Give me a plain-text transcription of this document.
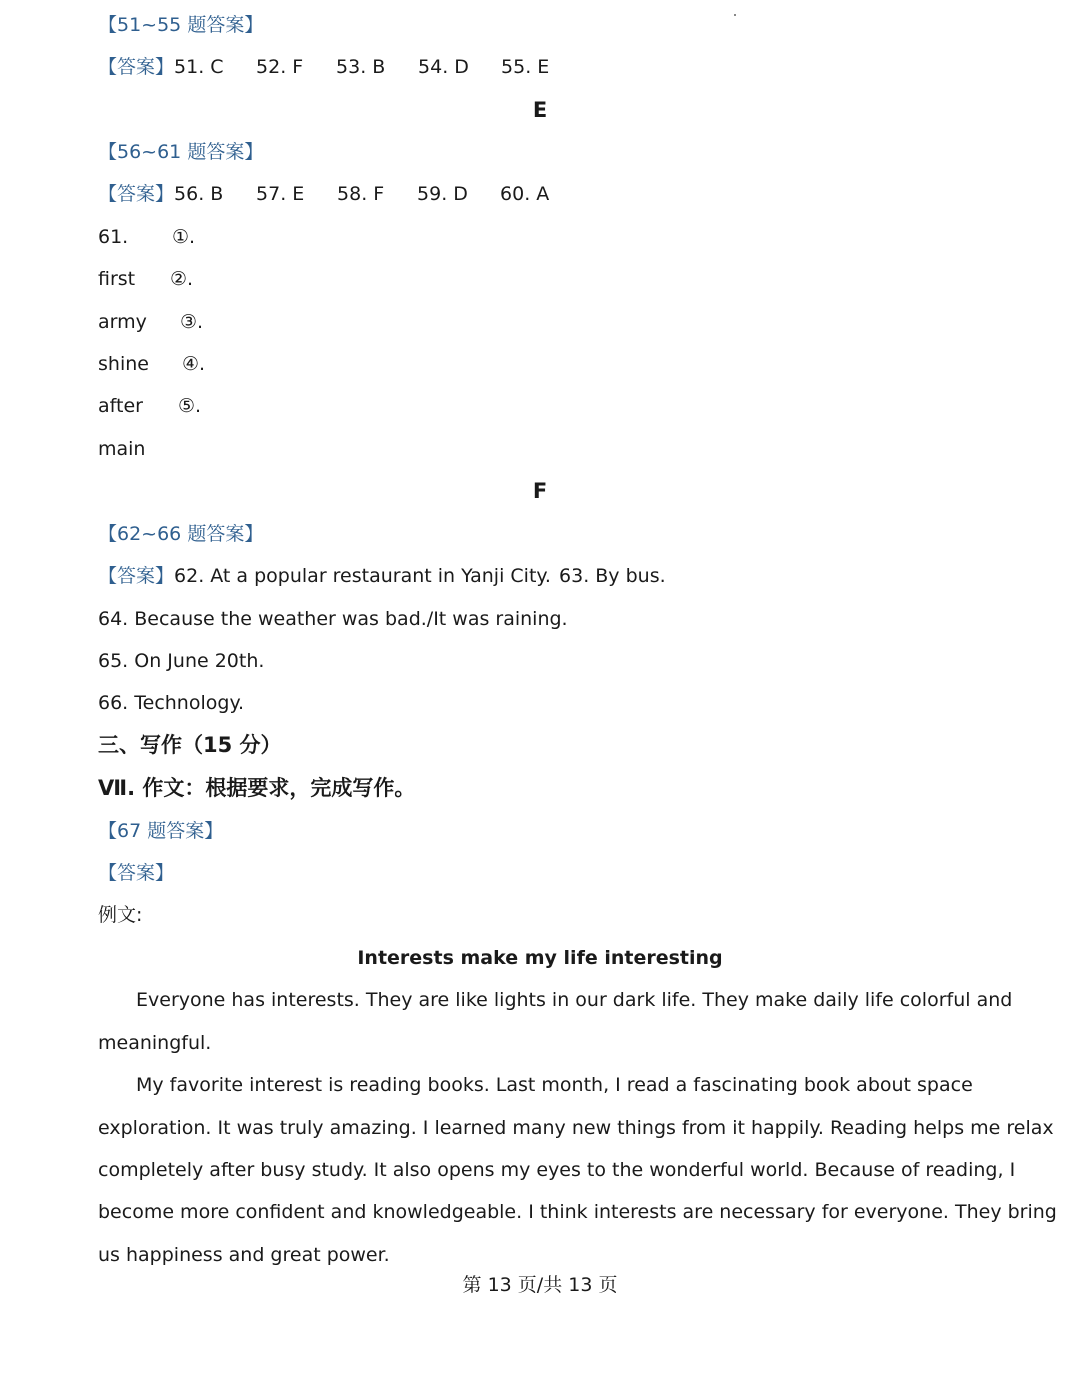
【51~55 题答案】
【答案】51. C 52. F 53. B 54. D 55. E
E
【56~61 题答案】
【答案】56. B 57. E 58. F 59. D 60. A
61. ①.
first ②.
army ③.
shine ④.
after ⑤.
main
F
【62~66 题答案】
【答案】62. At a popular restaurant in Yanji City. 63. By bus.
64. Because the weather was bad./It was raining.
65. On June 20th.
66. Technology.
三、写作（15 分）
Ⅶ. 作文：根据要求，完成写作。
【67 题答案】
【答案】
例文:
Interests make my life interesting
Everyone has interests. They are like lights in our dark life. They make daily life colorful and
meaningful.
My favorite interest is reading books. Last month, I read a fascinating book about space
exploration. It was truly amazing. I learned many new things from it happily. Reading helps me relax
completely after busy study. It also opens my eyes to the wonderful world. Because of reading, I
become more confident and knowledgeable. I think interests are necessary for everyone. They bring
us happiness and great power.
第 13 页/共 13 页
